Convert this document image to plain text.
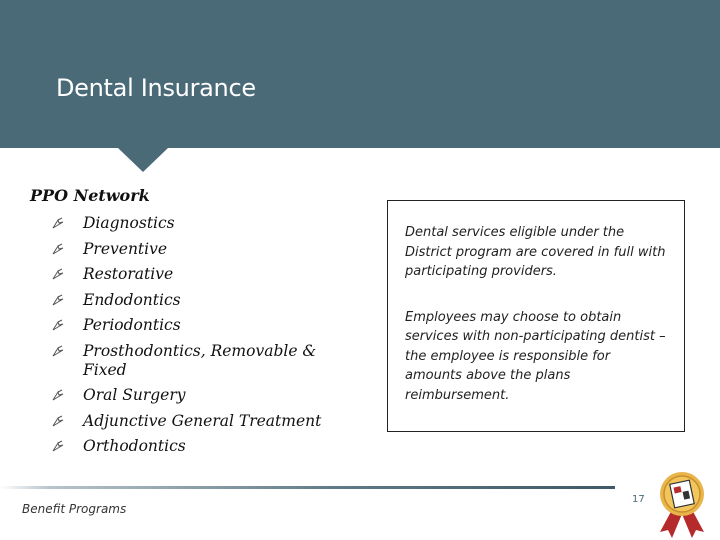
Dental Insurance
PPO Network
Diagnostics
Preventive
Restorative
Endodontics
Periodontics
Prosthodontics, Removable & Fixed
Oral Surgery
Adjunctive General Treatment
Orthodontics

Dental services eligible under the District program are covered in full with participating providers.

Employees may choose to obtain services with non-participating dentist – the employee is responsible for amounts above the plans reimbursement.

Benefit Programs
17
